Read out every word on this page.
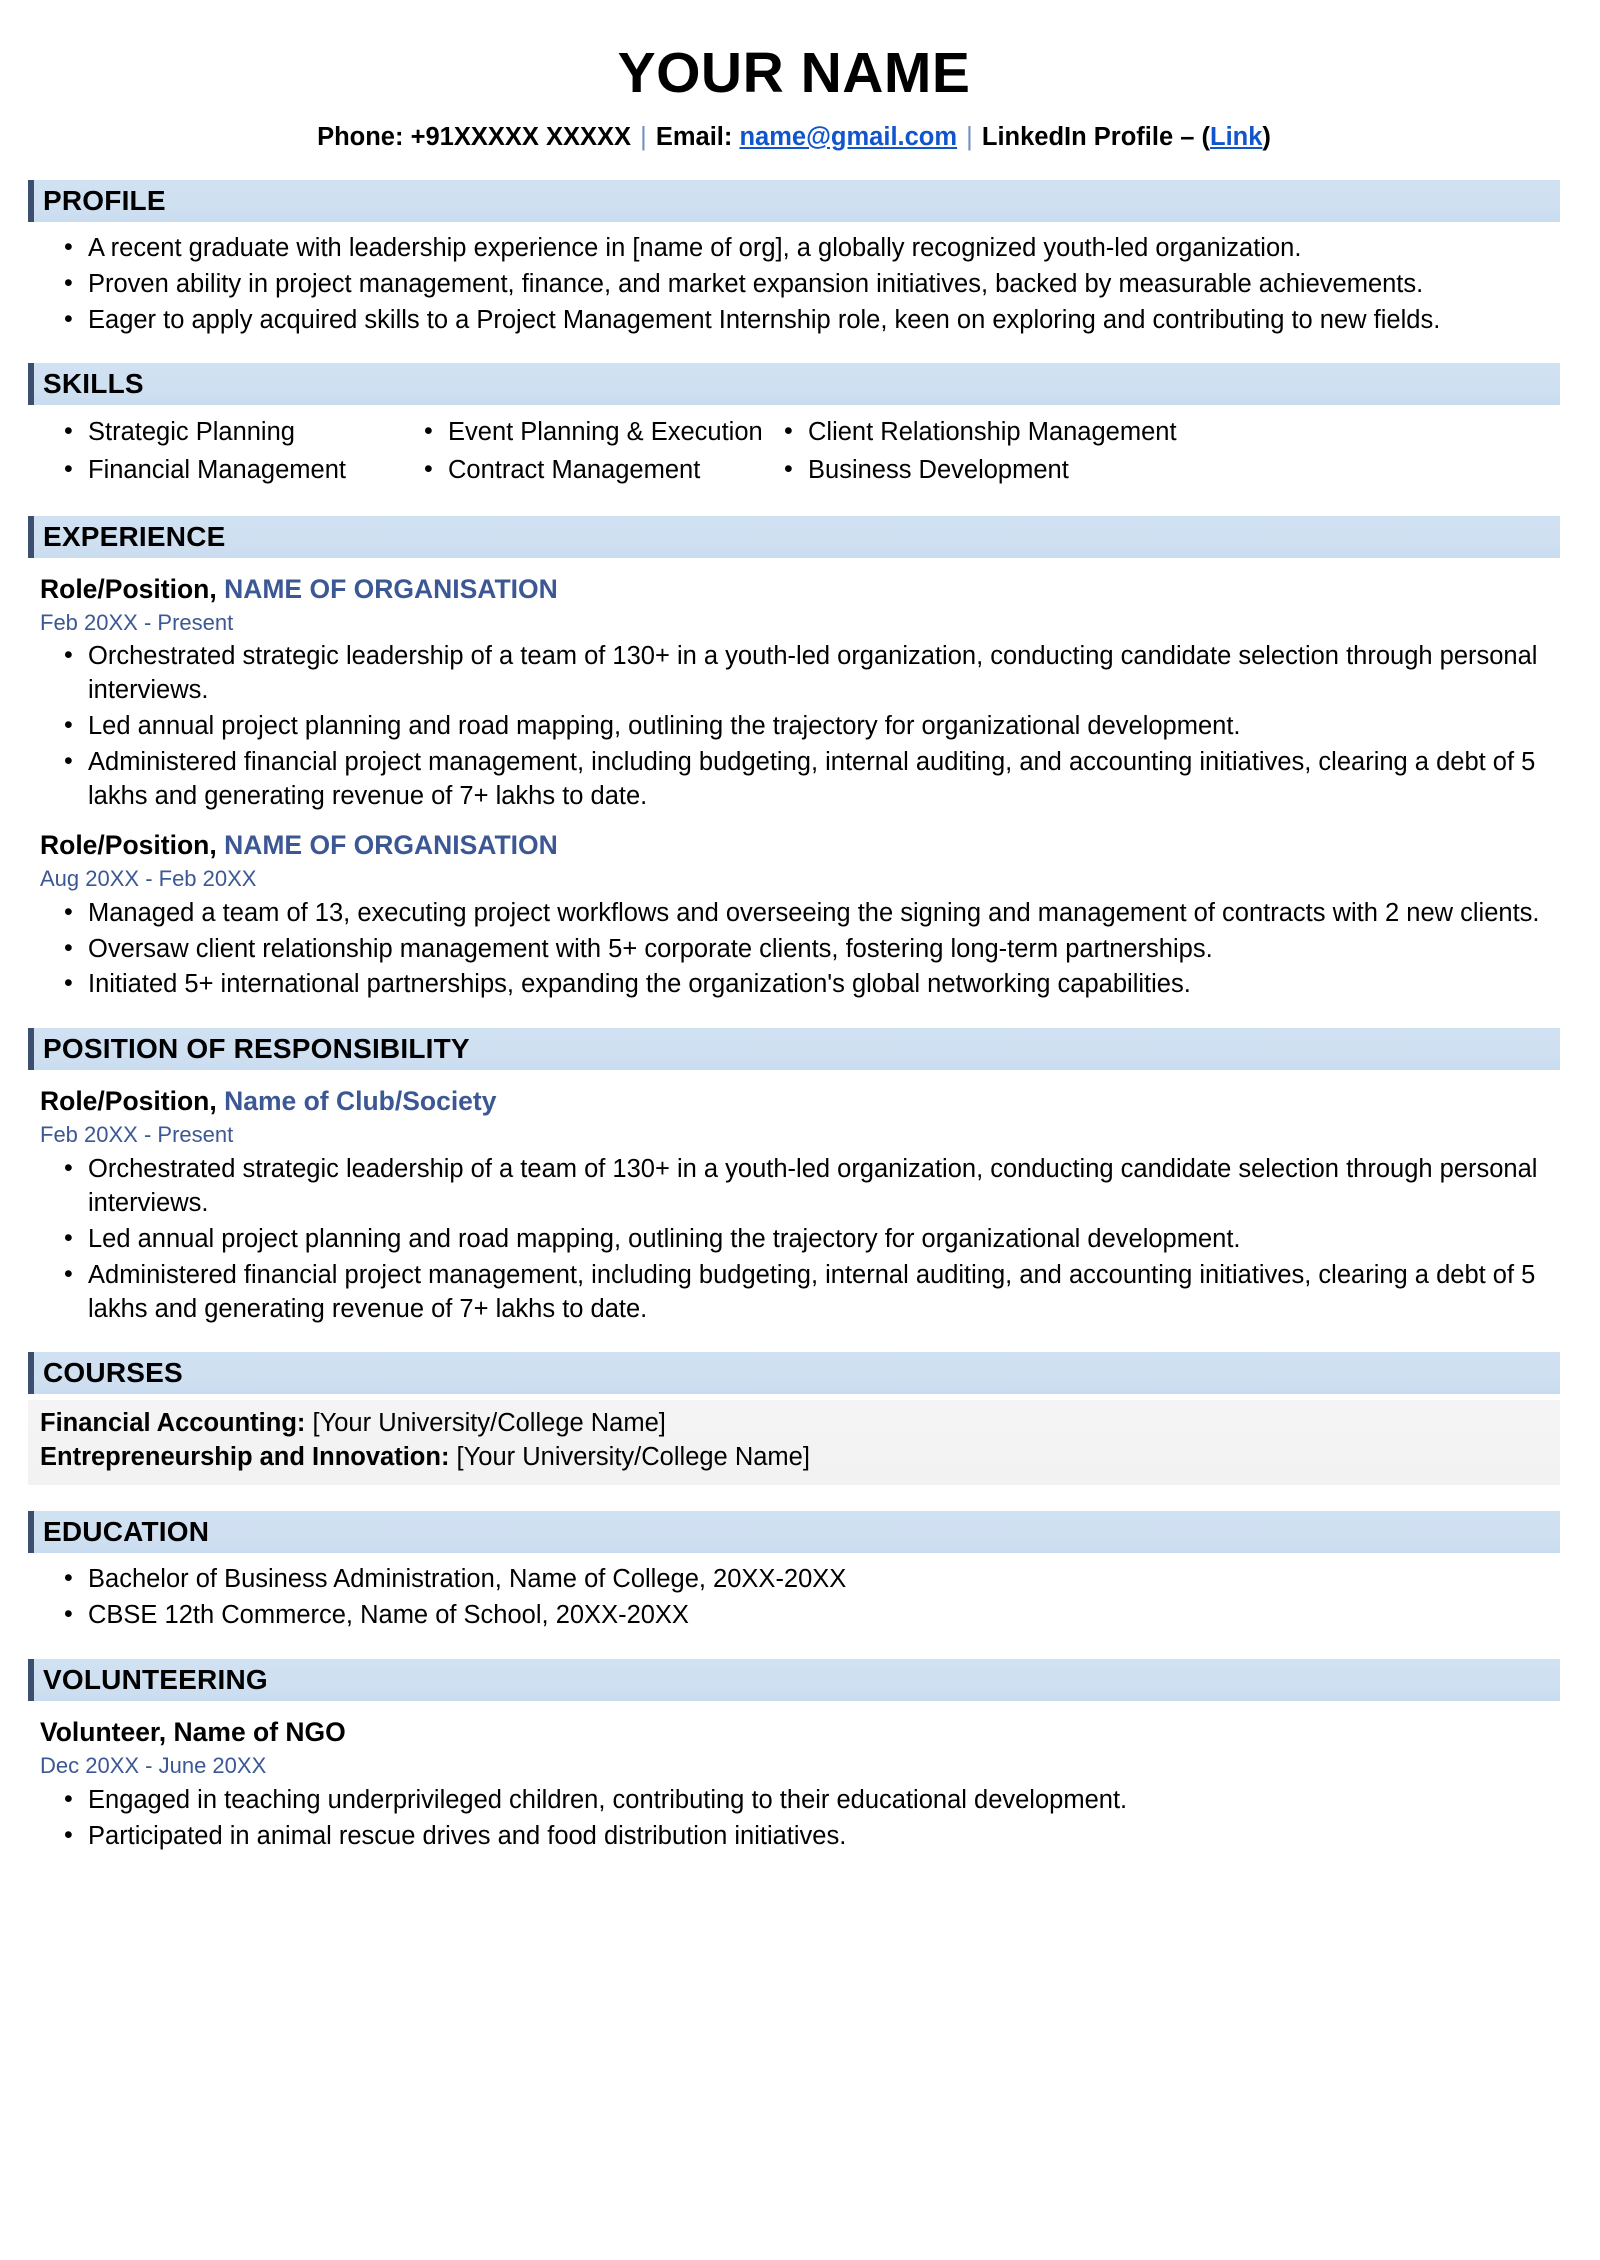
YOUR NAME
Phone: +91XXXXX XXXXX | Email: name@gmail.com | LinkedIn Profile – (Link)
PROFILE
• A recent graduate with leadership experience in [name of org], a globally recognized youth-led organization.
• Proven ability in project management, finance, and market expansion initiatives, backed by measurable achievements.
• Eager to apply acquired skills to a Project Management Internship role, keen on exploring and contributing to new fields.
SKILLS
• Strategic Planning	• Event Planning & Execution	• Client Relationship Management
• Financial Management	• Contract Management	• Business Development
EXPERIENCE
Role/Position, NAME OF ORGANISATION
Feb 20XX - Present
• Orchestrated strategic leadership of a team of 130+ in a youth-led organization, conducting candidate selection through personal interviews.
• Led annual project planning and road mapping, outlining the trajectory for organizational development.
• Administered financial project management, including budgeting, internal auditing, and accounting initiatives, clearing a debt of 5 lakhs and generating revenue of 7+ lakhs to date.
Role/Position, NAME OF ORGANISATION
Aug 20XX - Feb 20XX
• Managed a team of 13, executing project workflows and overseeing the signing and management of contracts with 2 new clients.
• Oversaw client relationship management with 5+ corporate clients, fostering long-term partnerships.
• Initiated 5+ international partnerships, expanding the organization's global networking capabilities.
POSITION OF RESPONSIBILITY
Role/Position, Name of Club/Society
Feb 20XX - Present
• Orchestrated strategic leadership of a team of 130+ in a youth-led organization, conducting candidate selection through personal interviews.
• Led annual project planning and road mapping, outlining the trajectory for organizational development.
• Administered financial project management, including budgeting, internal auditing, and accounting initiatives, clearing a debt of 5 lakhs and generating revenue of 7+ lakhs to date.
COURSES
Financial Accounting: [Your University/College Name]
Entrepreneurship and Innovation: [Your University/College Name]
EDUCATION
• Bachelor of Business Administration, Name of College, 20XX-20XX
• CBSE 12th Commerce, Name of School, 20XX-20XX
VOLUNTEERING
Volunteer, Name of NGO
Dec 20XX - June 20XX
• Engaged in teaching underprivileged children, contributing to their educational development.
• Participated in animal rescue drives and food distribution initiatives.
